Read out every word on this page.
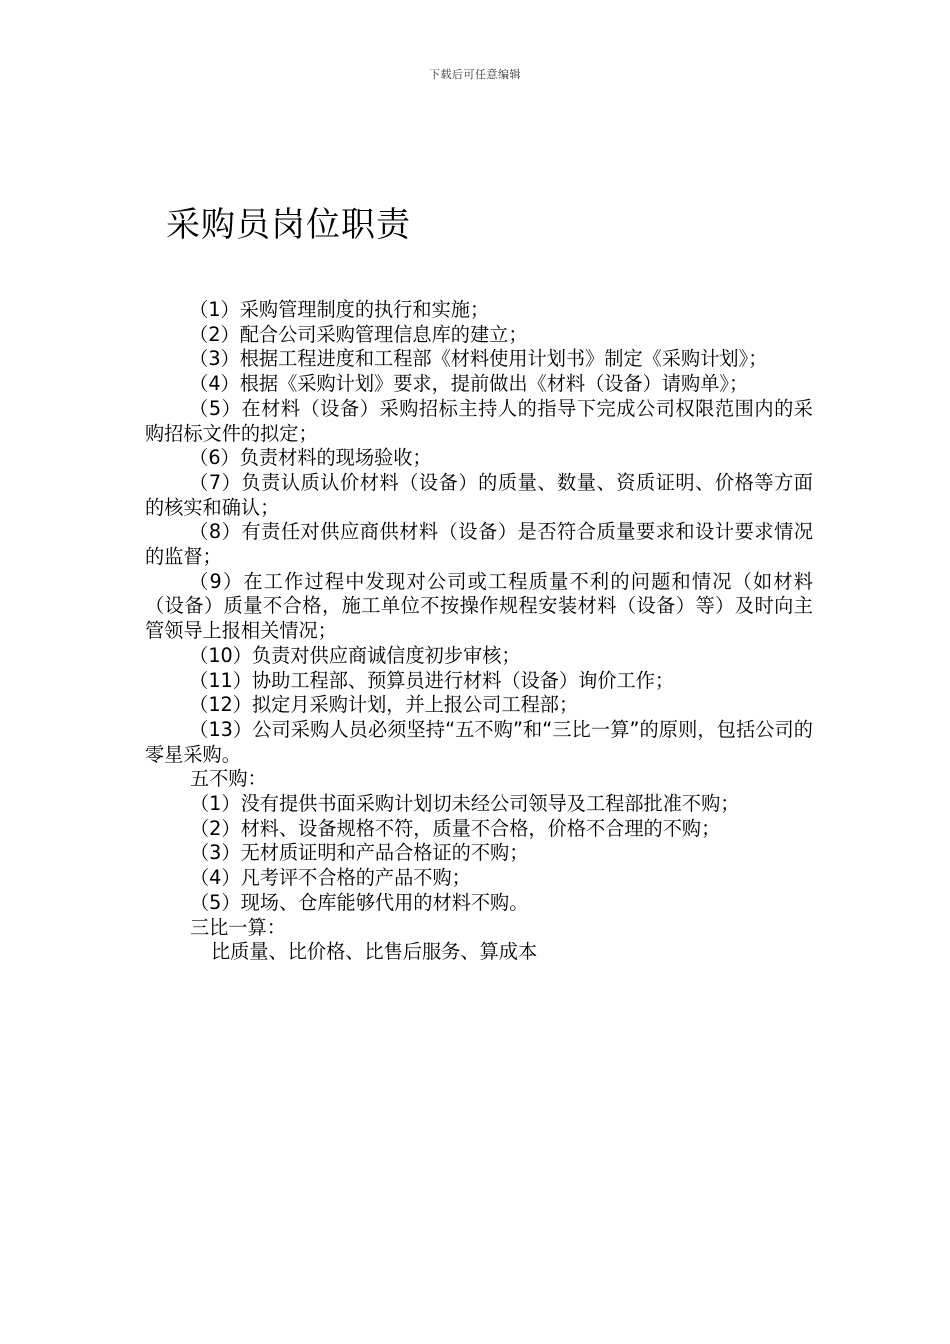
下载后可任意编辑
采购员岗位职责

（1）采购管理制度的执行和实施；

（2）配合公司采购管理信息库的建立；

（3）根据工程进度和工程部《材料使用计划书》制定《采购计划》；

（4）根据《采购计划》要求，提前做出《材料（设备）请购单》；

（5）在材料（设备）采购招标主持人的指导下完成公司权限范围内的采购招标文件的拟定；

（6）负责材料的现场验收；

（7）负责认质认价材料（设备）的质量、数量、资质证明、价格等方面的核实和确认；

（8）有责任对供应商供材料（设备）是否符合质量要求和设计要求情况的监督；

（9）在工作过程中发现对公司或工程质量不利的问题和情况（如材料（设备）质量不合格，施工单位不按操作规程安装材料（设备）等）及时向主管领导上报相关情况；

（10）负责对供应商诚信度初步审核；

（11）协助工程部、预算员进行材料（设备）询价工作；

（12）拟定月采购计划，并上报公司工程部；

（13）公司采购人员必须坚持“五不购”和“三比一算”的原则，包括公司的零星采购。

五不购：

（1）没有提供书面采购计划切未经公司领导及工程部批准不购；

（2）材料、设备规格不符，质量不合格，价格不合理的不购；

（3）无材质证明和产品合格证的不购；

（4）凡考评不合格的产品不购；

（5）现场、仓库能够代用的材料不购。

三比一算：

比质量、比价格、比售后服务、算成本
